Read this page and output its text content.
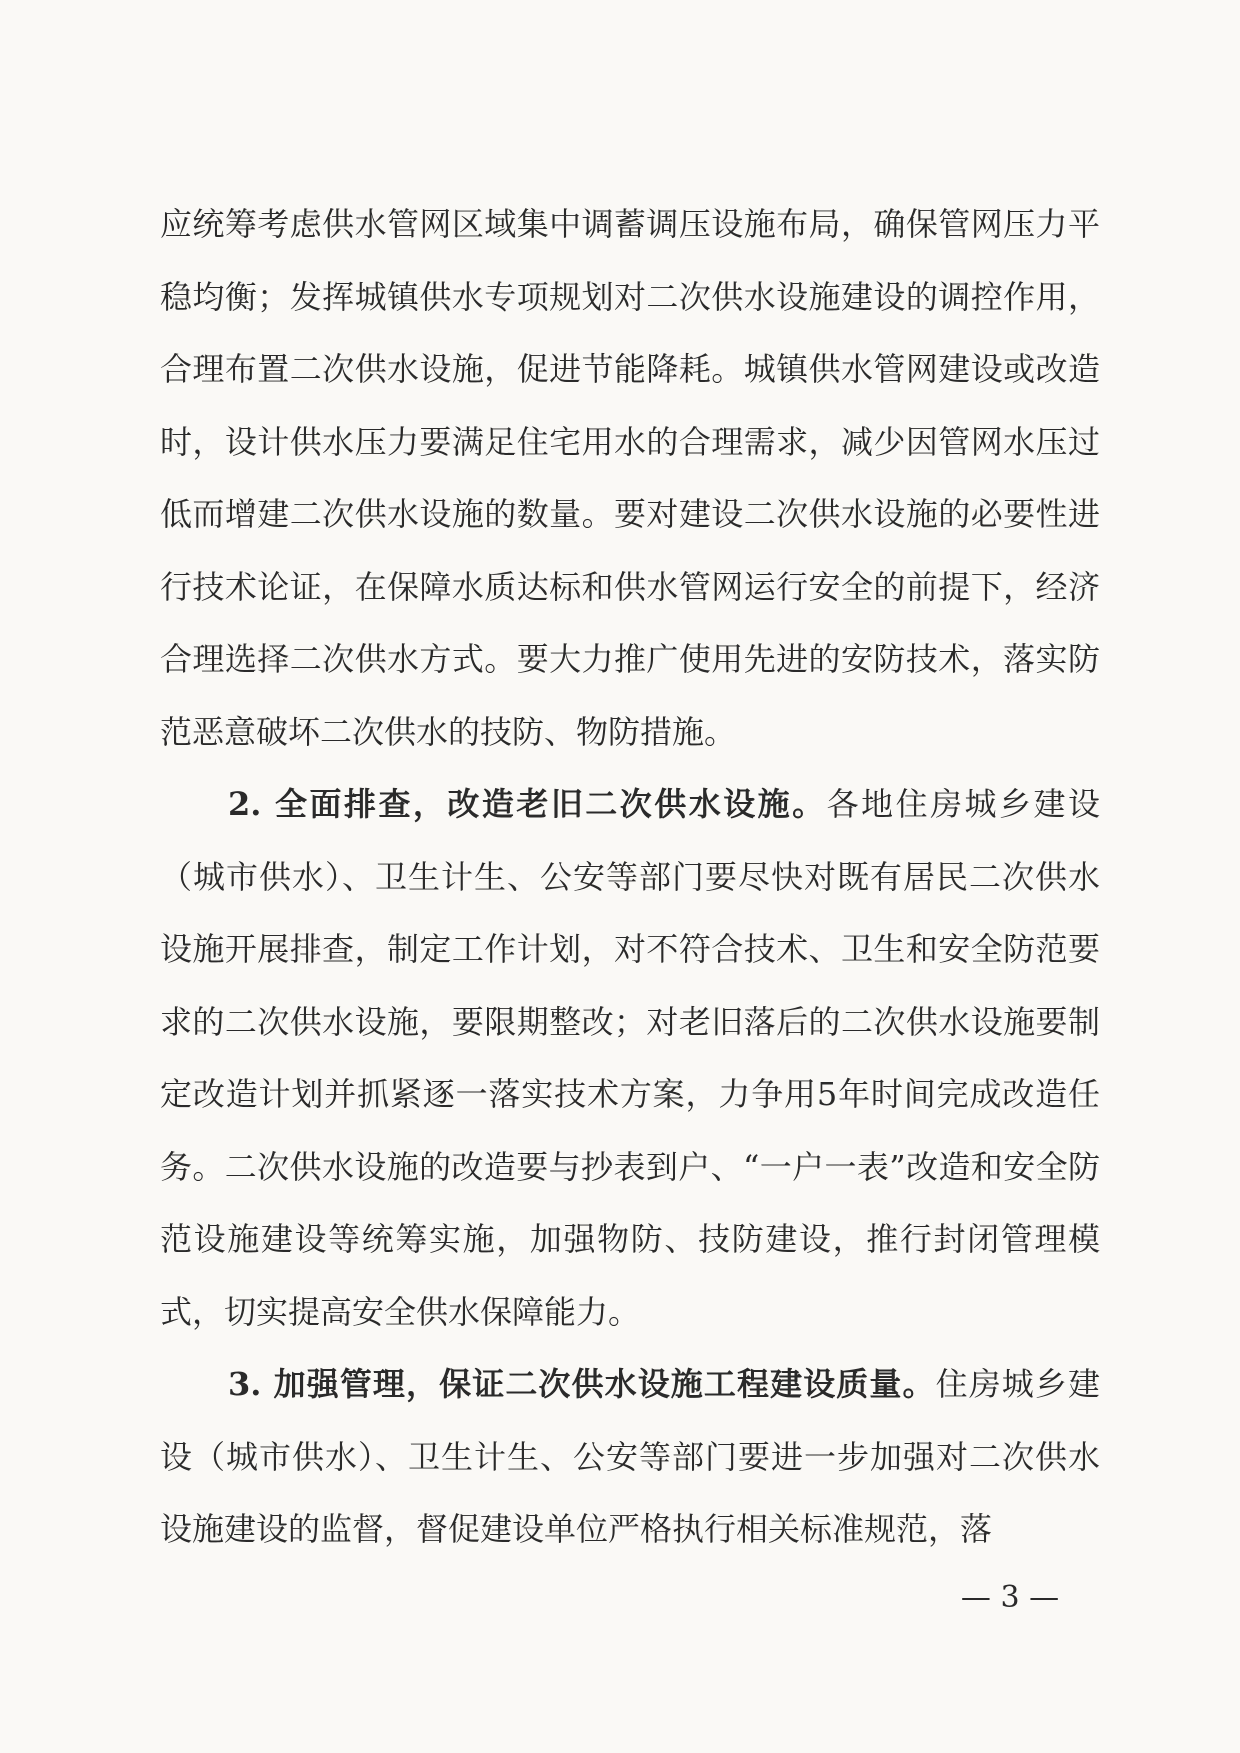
应统筹考虑供水管网区域集中调蓄调压设施布局，确保管网压力平稳均衡；发挥城镇供水专项规划对二次供水设施建设的调控作用，合理布置二次供水设施，促进节能降耗。城镇供水管网建设或改造时，设计供水压力要满足住宅用水的合理需求，减少因管网水压过低而增建二次供水设施的数量。要对建设二次供水设施的必要性进行技术论证，在保障水质达标和供水管网运行安全的前提下，经济合理选择二次供水方式。要大力推广使用先进的安防技术，落实防范恶意破坏二次供水的技防、物防措施。

2. 全面排查，改造老旧二次供水设施。各地住房城乡建设（城市供水）、卫生计生、公安等部门要尽快对既有居民二次供水设施开展排查，制定工作计划，对不符合技术、卫生和安全防范要求的二次供水设施，要限期整改；对老旧落后的二次供水设施要制定改造计划并抓紧逐一落实技术方案，力争用5年时间完成改造任务。二次供水设施的改造要与抄表到户、“一户一表”改造和安全防范设施建设等统筹实施，加强物防、技防建设，推行封闭管理模式，切实提高安全供水保障能力。

3. 加强管理，保证二次供水设施工程建设质量。住房城乡建设（城市供水）、卫生计生、公安等部门要进一步加强对二次供水设施建设的监督，督促建设单位严格执行相关标准规范，落

— 3 —
